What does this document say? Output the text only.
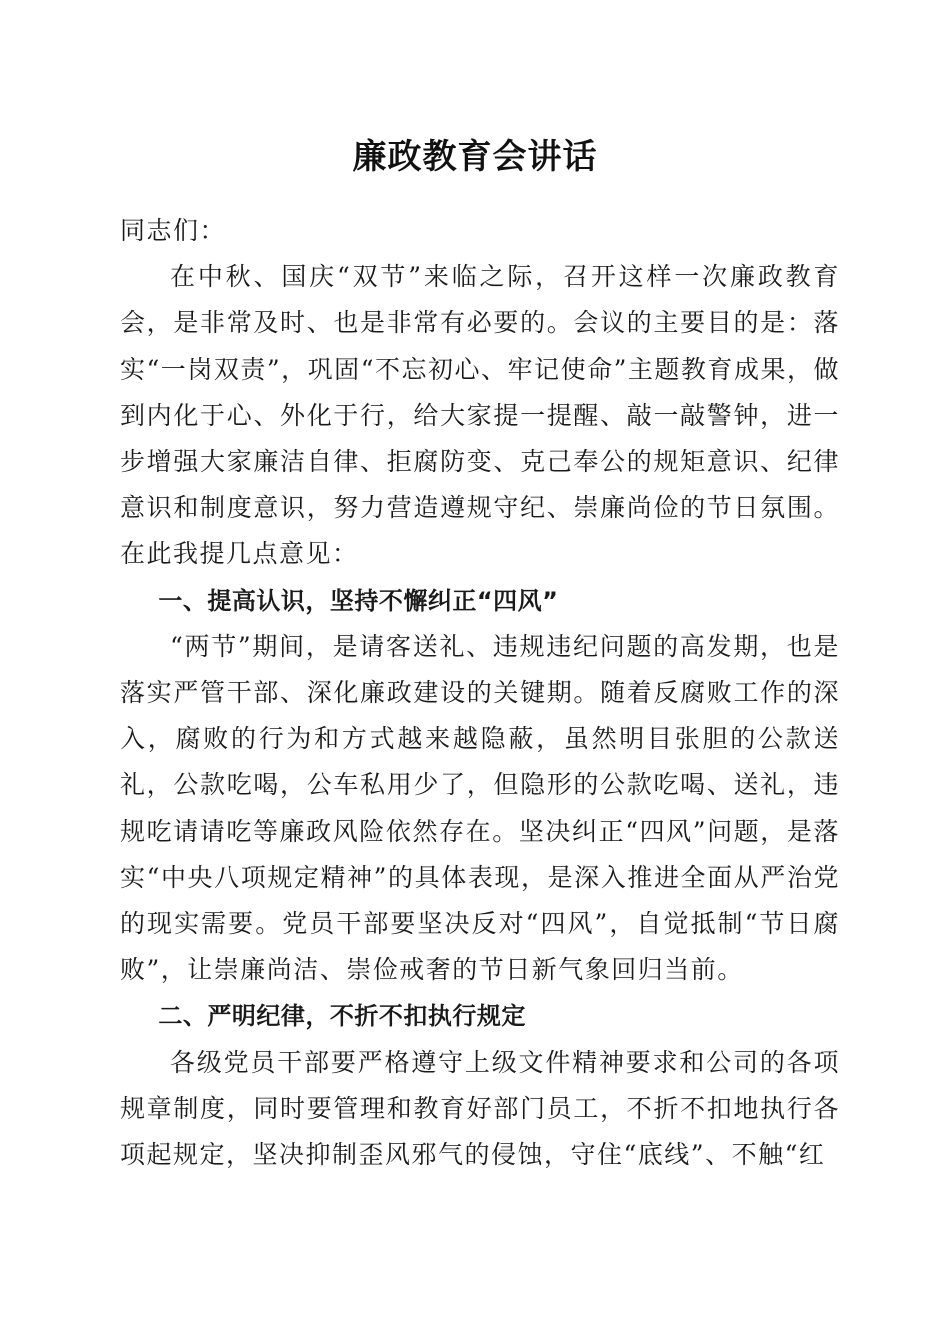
廉政教育会讲话

同志们：

在中秋、国庆“双节”来临之际，召开这样一次廉政教育会，是非常及时、也是非常有必要的。会议的主要目的是：落实“一岗双责”，巩固“不忘初心、牢记使命”主题教育成果，做到内化于心、外化于行，给大家提一提醒、敲一敲警钟，进一步增强大家廉洁自律、拒腐防变、克己奉公的规矩意识、纪律意识和制度意识，努力营造遵规守纪、崇廉尚俭的节日氛围。在此我提几点意见：

一、提高认识，坚持不懈纠正“四风”

“两节”期间，是请客送礼、违规违纪问题的高发期，也是落实严管干部、深化廉政建设的关键期。随着反腐败工作的深入，腐败的行为和方式越来越隐蔽，虽然明目张胆的公款送礼，公款吃喝，公车私用少了，但隐形的公款吃喝、送礼，违规吃请请吃等廉政风险依然存在。坚决纠正“四风”问题，是落实“中央八项规定精神”的具体表现，是深入推进全面从严治党的现实需要。党员干部要坚决反对“四风”，自觉抵制“节日腐败”，让崇廉尚洁、崇俭戒奢的节日新气象回归当前。

二、严明纪律，不折不扣执行规定

各级党员干部要严格遵守上级文件精神要求和公司的各项规章制度，同时要管理和教育好部门员工，不折不扣地执行各项起规定，坚决抑制歪风邪气的侵蚀，守住“底线”、不触“红
